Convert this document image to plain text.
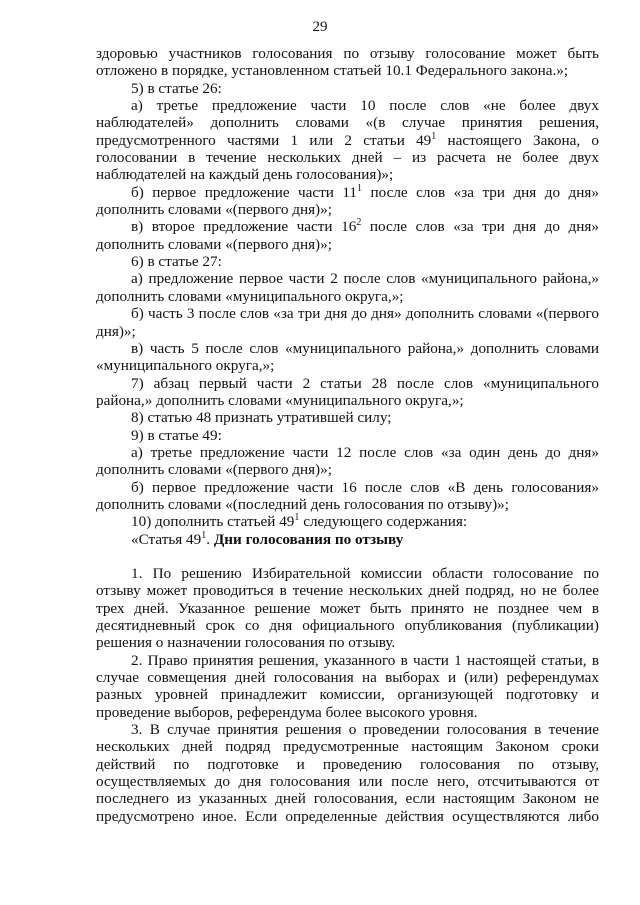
29

здоровью участников голосования по отзыву голосование может быть отложено в порядке, установленном статьей 10.1 Федерального закона.»;

5) в статье 26:

а) третье предложение части 10 после слов «не более двух наблюдателей» дополнить словами «(в случае принятия решения, предусмотренного частями 1 или 2 статьи $49^1$ настоящего Закона, о голосовании в течение нескольких дней – из расчета не более двух наблюдателей на каждый день голосования)»;

б) первое предложение части $11^1$ после слов «за три дня до дня» дополнить словами «(первого дня)»;

в) второе предложение части $16^2$ после слов «за три дня до дня» дополнить словами «(первого дня)»;

6) в статье 27:

а) предложение первое части 2 после слов «муниципального района,» дополнить словами «муниципального округа,»;

б) часть 3 после слов «за три дня до дня» дополнить словами «(первого дня)»;

в) часть 5 после слов «муниципального района,» дополнить словами «муниципального округа,»;

7) абзац первый части 2 статьи 28 после слов «муниципального района,» дополнить словами «муниципального округа,»;

8) статью 48 признать утратившей силу;

9) в статье 49:

а) третье предложение части 12 после слов «за один день до дня» дополнить словами «(первого дня)»;

б) первое предложение части 16 после слов «В день голосования» дополнить словами «(последний день голосования по отзыву)»;

10) дополнить статьей $49^1$ следующего содержания:

«Статья $49^1$. Дни голосования по отзыву

1. По решению Избирательной комиссии области голосование по отзыву может проводиться в течение нескольких дней подряд, но не более трех дней. Указанное решение может быть принято не позднее чем в десятидневный срок со дня официального опубликования (публикации) решения о назначении голосования по отзыву.

2. Право принятия решения, указанного в части 1 настоящей статьи, в случае совмещения дней голосования на выборах и (или) референдумах разных уровней принадлежит комиссии, организующей подготовку и проведение выборов, референдума более высокого уровня.

3. В случае принятия решения о проведении голосования в течение нескольких дней подряд предусмотренные настоящим Законом сроки действий по подготовке и проведению голосования по отзыву, осуществляемых до дня голосования или после него, отсчитываются от последнего из указанных дней голосования, если настоящим Законом не предусмотрено иное. Если определенные действия осуществляются либо
